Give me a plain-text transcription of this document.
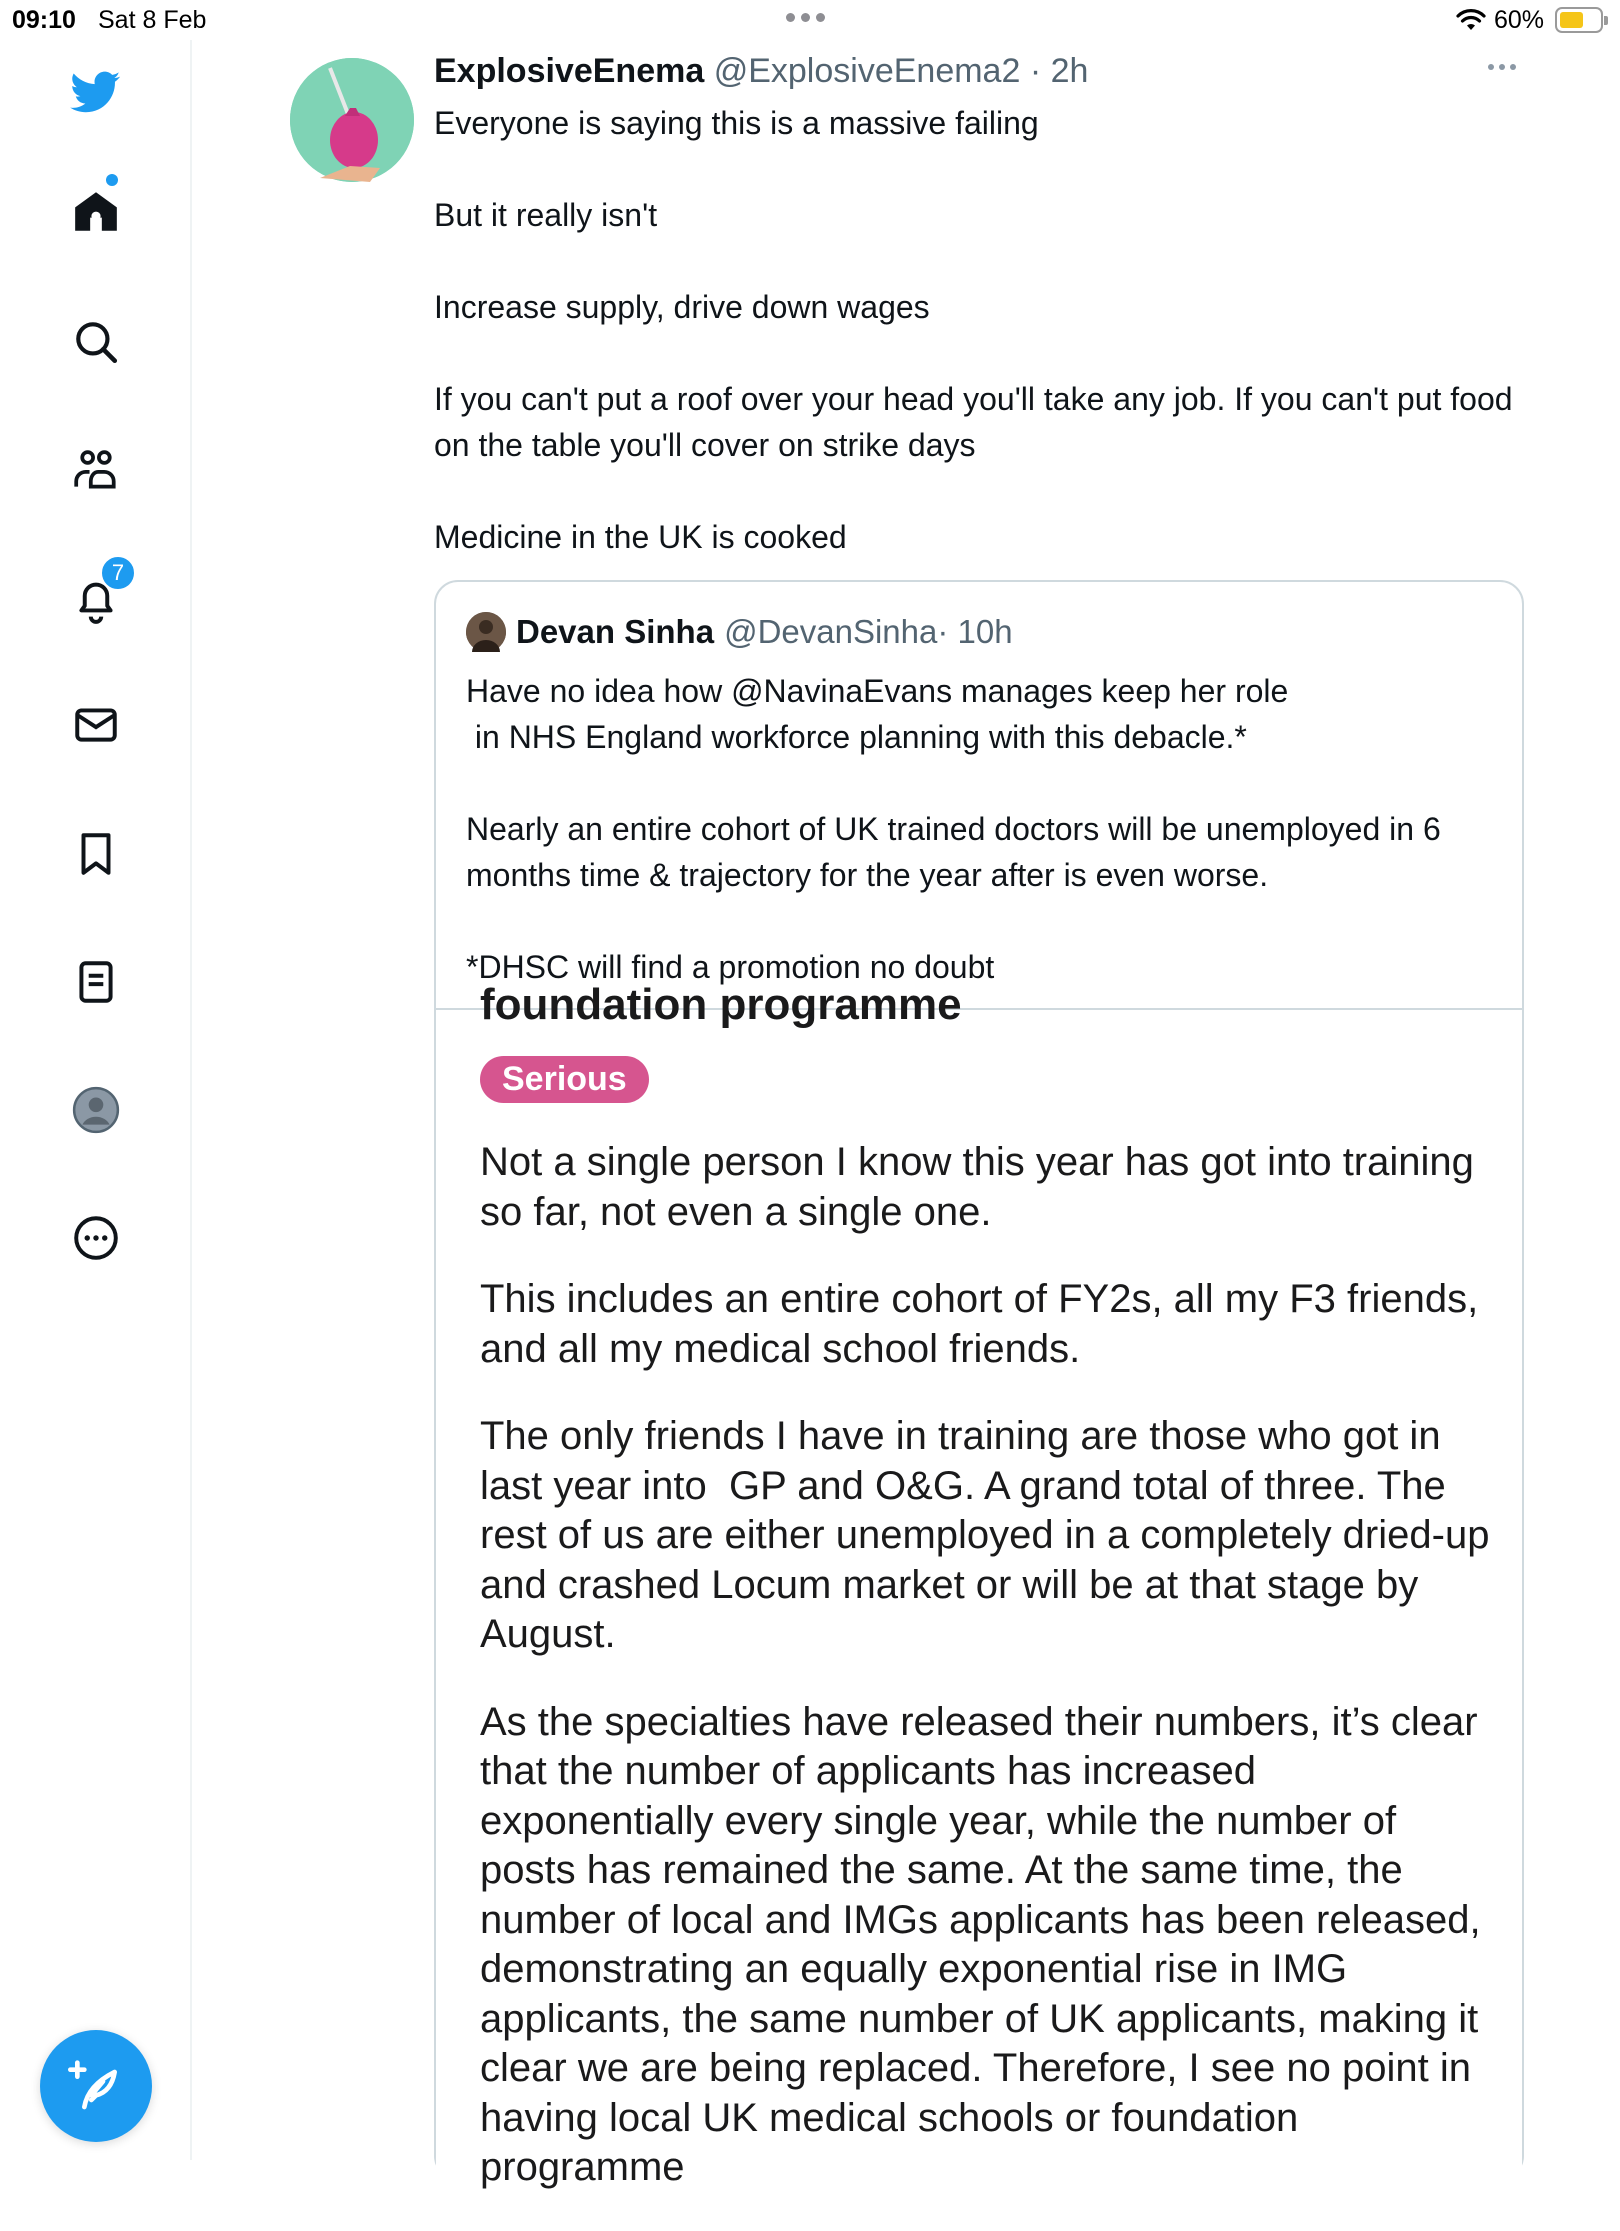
09:10 Sat 8 Feb	60%
7
ExplosiveEnema @ExplosiveEnema2 · 2h

Everyone is saying this is a massive failing

But it really isn't

Increase supply, drive down wages

If you can't put a roof over your head you'll take any job. If you can't put food on the table you'll cover on strike days

Medicine in the UK is cooked

Devan Sinha @DevanSinha · 10h

Have no idea how @NavinaEvans manages keep her role
in NHS England workforce planning with this debacle.*

Nearly an entire cohort of UK trained doctors will be unemployed in 6 months time & trajectory for the year after is even worse.

*DHSC will find a promotion no doubt

foundation programme
Serious

Not a single person I know this year has got into training so far, not even a single one.

This includes an entire cohort of FY2s, all my F3 friends, and all my medical school friends.

The only friends I have in training are those who got in last year into  GP and O&G. A grand total of three. The rest of us are either unemployed in a completely dried-up and crashed Locum market or will be at that stage by August.

As the specialties have released their numbers, it’s clear that the number of applicants has increased exponentially every single year, while the number of posts has remained the same. At the same time, the number of local and IMGs applicants has been released, demonstrating an equally exponential rise in IMG applicants, the same number of UK applicants, making it clear we are being replaced. Therefore, I see no point in having local UK medical schools or foundation programme
